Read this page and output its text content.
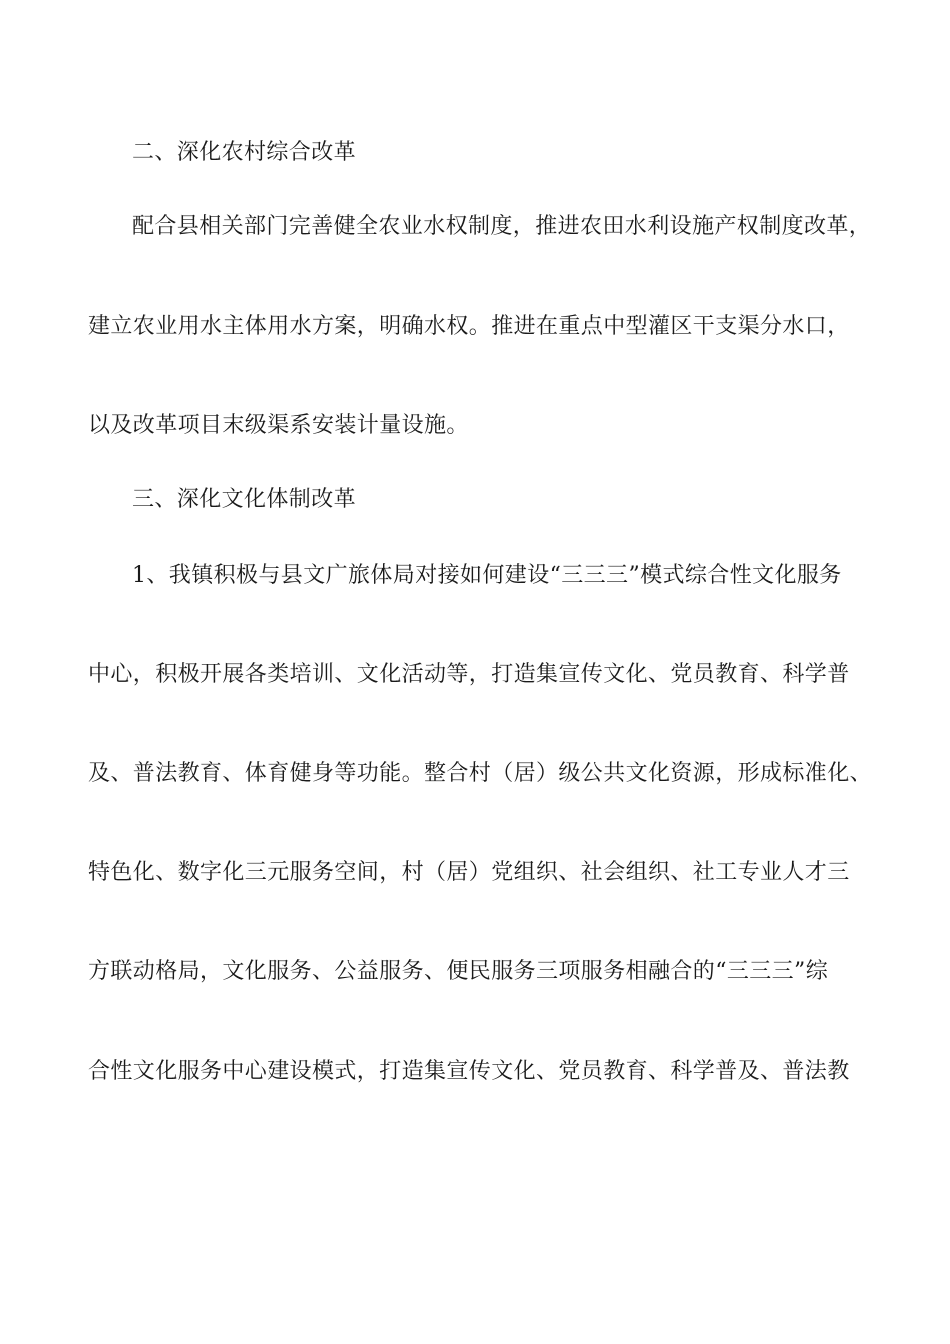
二、深化农村综合改革
配合县相关部门完善健全农业水权制度，推进农田水利设施产权制度改革，
建立农业用水主体用水方案，明确水权。推进在重点中型灌区干支渠分水口，
以及改革项目末级渠系安装计量设施。
三、深化文化体制改革
1、我镇积极与县文广旅体局对接如何建设“三三三”模式综合性文化服务
中心，积极开展各类培训、文化活动等，打造集宣传文化、党员教育、科学普
及、普法教育、体育健身等功能。整合村（居）级公共文化资源，形成标准化、
特色化、数字化三元服务空间，村（居）党组织、社会组织、社工专业人才三
方联动格局，文化服务、公益服务、便民服务三项服务相融合的“三三三”综
合性文化服务中心建设模式，打造集宣传文化、党员教育、科学普及、普法教
